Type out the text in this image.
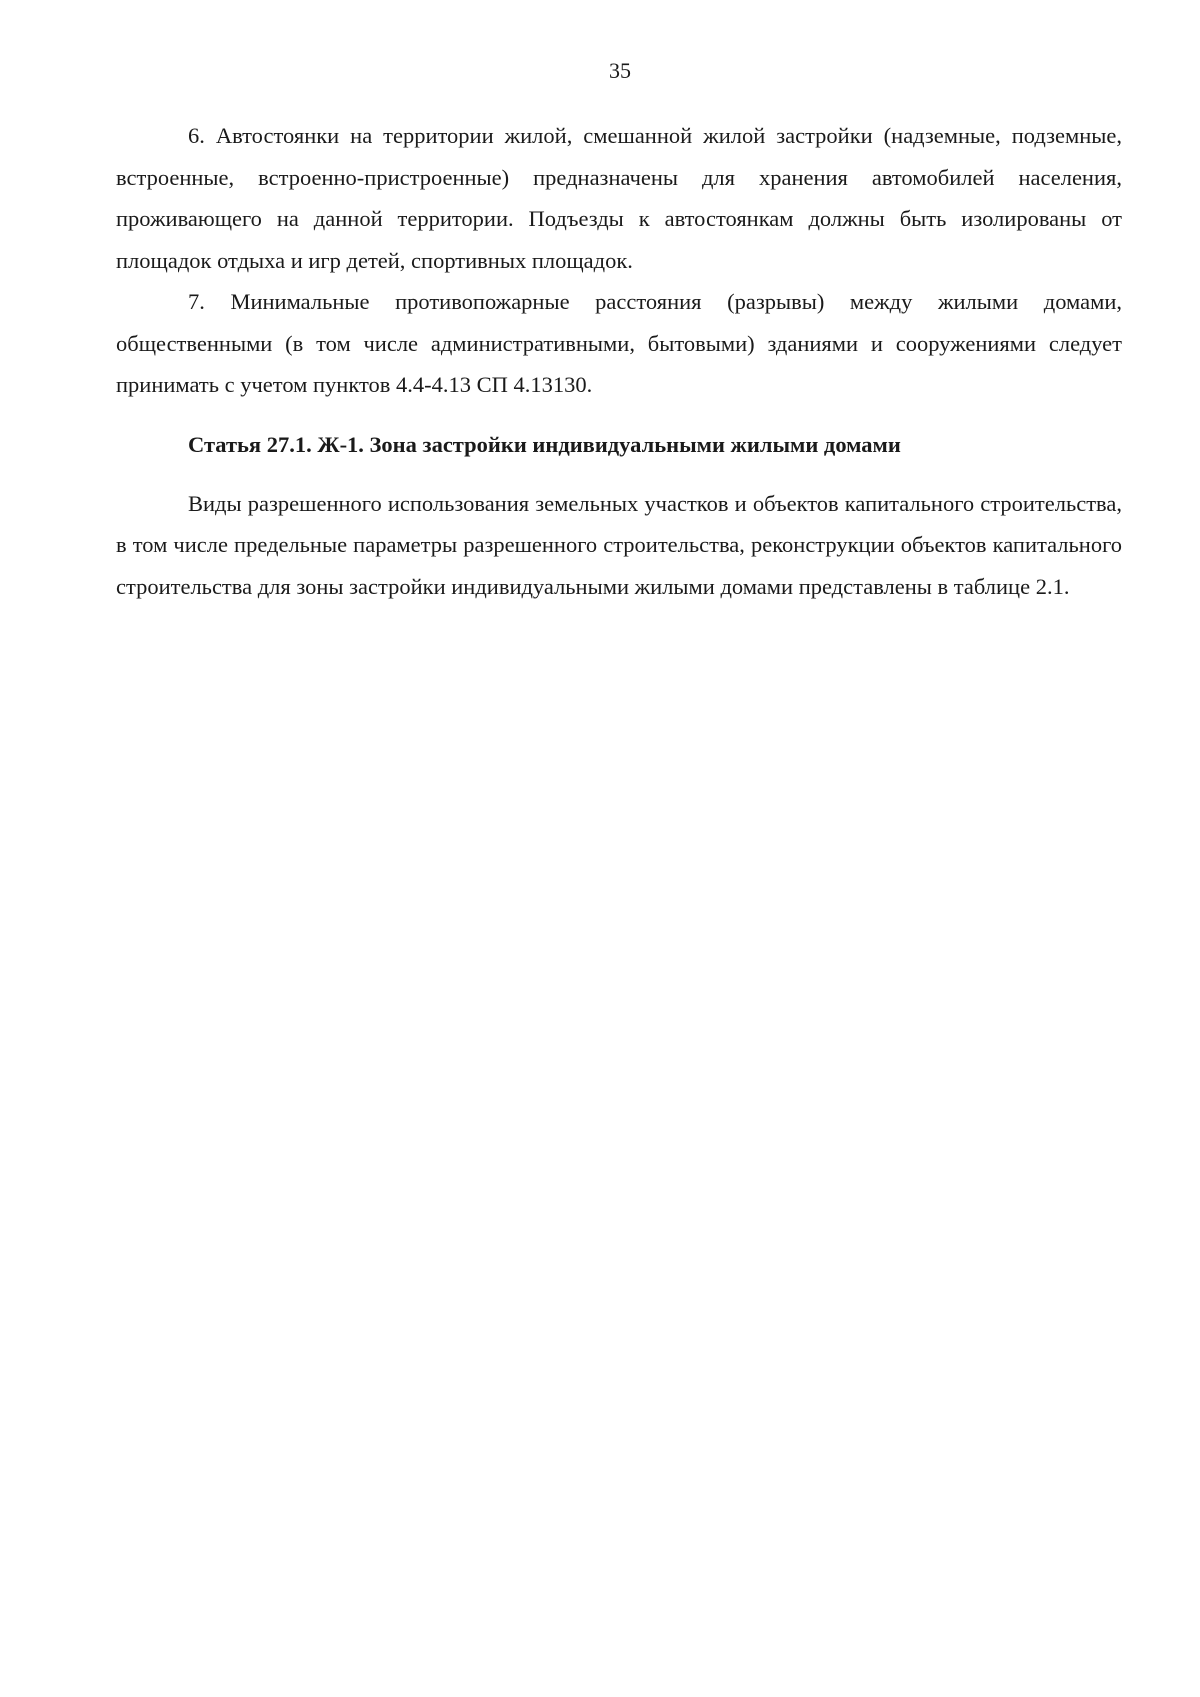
35

6. Автостоянки на территории жилой, смешанной жилой застройки (надземные, подземные, встроенные, встроенно-пристроенные) предназначены для хранения автомобилей населения, проживающего на данной территории. Подъезды к автостоянкам должны быть изолированы от площадок отдыха и игр детей, спортивных площадок.

7. Минимальные противопожарные расстояния (разрывы) между жилыми домами, общественными (в том числе административными, бытовыми) зданиями и сооружениями следует принимать с учетом пунктов 4.4-4.13 СП 4.13130.

Статья 27.1. Ж-1. Зона застройки индивидуальными жилыми домами

Виды разрешенного использования земельных участков и объектов капитального строительства, в том числе предельные параметры разрешенного строительства, реконструкции объектов капитального строительства для зоны застройки индивидуальными жилыми домами представлены в таблице 2.1.
